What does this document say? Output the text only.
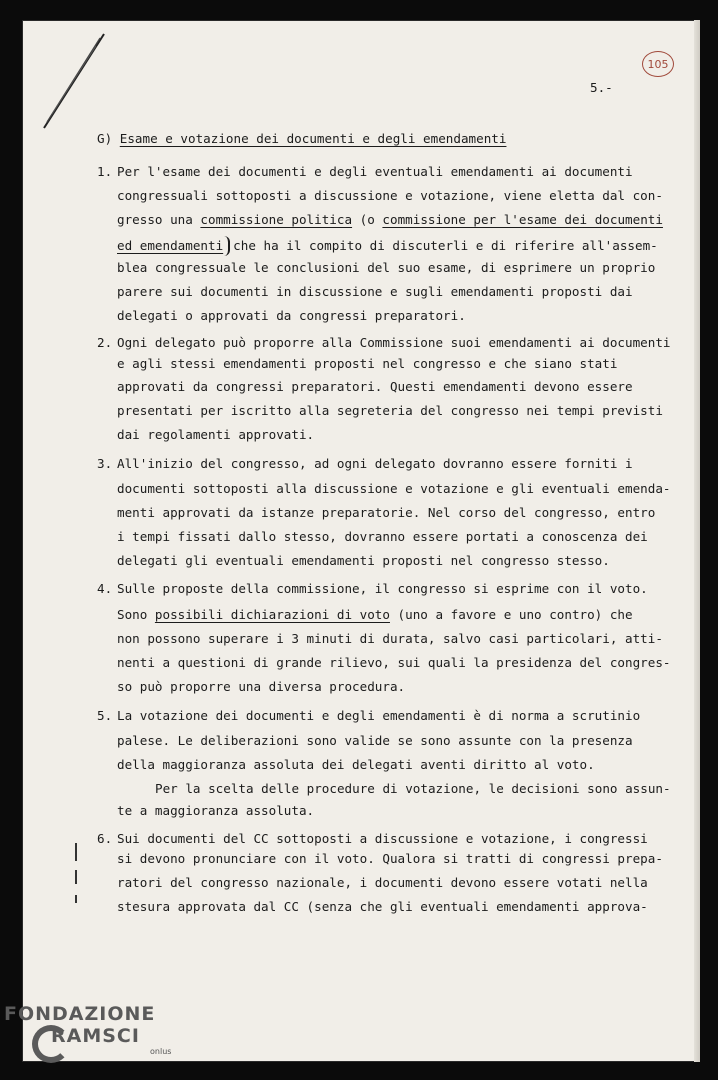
105
5.-
G) Esame e votazione dei documenti e degli emendamenti
1. Per l'esame dei documenti e degli eventuali emendamenti ai documenti
congressuali sottoposti a discussione e votazione, viene eletta dal con-
gresso una commissione politica (o commissione per l'esame dei documenti
ed emendamenti che ha il compito di discuterli e di riferire all'assem-
blea congressuale le conclusioni del suo esame, di esprimere un proprio
parere sui documenti in discussione e sugli emendamenti proposti dai
delegati o approvati da congressi preparatori.
2. Ogni delegato può proporre alla Commissione suoi emendamenti ai documenti
e agli stessi emendamenti proposti nel congresso e che siano stati
approvati da congressi preparatori. Questi emendamenti devono essere
presentati per iscritto alla segreteria del congresso nei tempi previsti
dai regolamenti approvati.
3. All'inizio del congresso, ad ogni delegato dovranno essere forniti i
documenti sottoposti alla discussione e votazione e gli eventuali emenda-
menti approvati da istanze preparatorie. Nel corso del congresso, entro
i tempi fissati dallo stesso, dovranno essere portati a conoscenza dei
delegati gli eventuali emendamenti proposti nel congresso stesso.
4. Sulle proposte della commissione, il congresso si esprime con il voto.
Sono possibili dichiarazioni di voto (uno a favore e uno contro) che
non possono superare i 3 minuti di durata, salvo casi particolari, atti-
nenti a questioni di grande rilievo, sui quali la presidenza del congres-
so può proporre una diversa procedura.
5. La votazione dei documenti e degli emendamenti è di norma a scrutinio
palese. Le deliberazioni sono valide se sono assunte con la presenza
della maggioranza assoluta dei delegati aventi diritto al voto.
Per la scelta delle procedure di votazione, le decisioni sono assun-
te a maggioranza assoluta.
6. Sui documenti del CC sottoposti a discussione e votazione, i congressi
si devono pronunciare con il voto. Qualora si tratti di congressi prepa-
ratori del congresso nazionale, i documenti devono essere votati nella
stesura approvata dal CC (senza che gli eventuali emendamenti approva-
FONDAZIONE
RAMSCI
onlus
